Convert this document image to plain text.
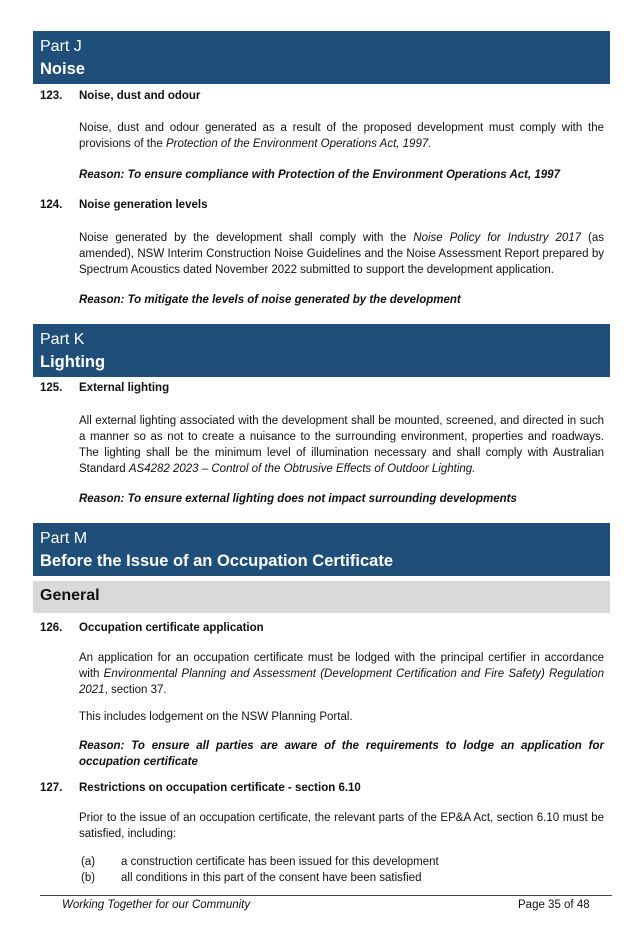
Part J
Noise
123. Noise, dust and odour
Noise, dust and odour generated as a result of the proposed development must comply with the provisions of the Protection of the Environment Operations Act, 1997.
Reason: To ensure compliance with Protection of the Environment Operations Act, 1997
124. Noise generation levels
Noise generated by the development shall comply with the Noise Policy for Industry 2017 (as amended), NSW Interim Construction Noise Guidelines and the Noise Assessment Report prepared by Spectrum Acoustics dated November 2022 submitted to support the development application.
Reason: To mitigate the levels of noise generated by the development
Part K
Lighting
125. External lighting
All external lighting associated with the development shall be mounted, screened, and directed in such a manner so as not to create a nuisance to the surrounding environment, properties and roadways. The lighting shall be the minimum level of illumination necessary and shall comply with Australian Standard AS4282 2023 – Control of the Obtrusive Effects of Outdoor Lighting.
Reason: To ensure external lighting does not impact surrounding developments
Part M
Before the Issue of an Occupation Certificate
General
126. Occupation certificate application
An application for an occupation certificate must be lodged with the principal certifier in accordance with Environmental Planning and Assessment (Development Certification and Fire Safety) Regulation 2021, section 37.
This includes lodgement on the NSW Planning Portal.
Reason: To ensure all parties are aware of the requirements to lodge an application for occupation certificate
127. Restrictions on occupation certificate - section 6.10
Prior to the issue of an occupation certificate, the relevant parts of the EP&A Act, section 6.10 must be satisfied, including:
(a) a construction certificate has been issued for this development
(b) all conditions in this part of the consent have been satisfied
Working Together for our Community	Page 35 of 48
